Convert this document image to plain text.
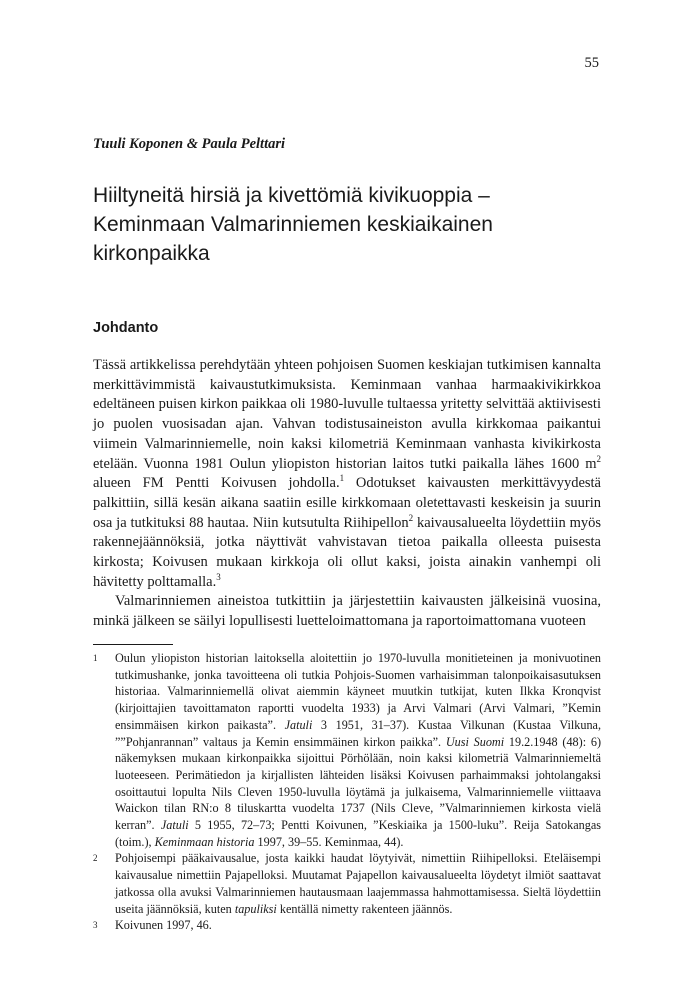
55
Tuuli Koponen & Paula Pelttari
Hiiltyneitä hirsiä ja kivettömiä kivikuoppia –
Keminmaan Valmarinniemen keskiaikainen
kirkonpaikka
Johdanto

Tässä artikkelissa perehdytään yhteen pohjoisen Suomen keskiajan tutkimisen kannalta merkittävimmistä kaivaustutkimuksista. Keminmaan vanhaa harmaakivikirkkoa edeltäneen puisen kirkon paikkaa oli 1980-luvulle tultaessa yritetty selvittää aktiivisesti jo puolen vuosisadan ajan. Vahvan todistusaineiston avulla kirkkomaa paikantui viimein Valmarinniemelle, noin kaksi kilometriä Keminmaan vanhasta kivikirkosta etelään. Vuonna 1981 Oulun yliopiston historian laitos tutki paikalla lähes 1600 $m^2$ alueen FM Pentti Koivusen johdolla.$^1$ Odotukset kaivausten merkittävyydestä palkittiin, sillä kesän aikana saatiin esille kirkkomaan oletettavasti keskeisin ja suurin osa ja tutkituksi 88 hautaa. Niin kutsutulta Riihipellon$^2$ kaivausalueelta löydettiin myös rakennejäännöksiä, jotka näyttivät vahvistavan tietoa paikalla olleesta puisesta kirkosta; Koivusen mukaan kirkkoja oli ollut kaksi, joista ainakin vanhempi oli hävitetty polttamalla.$^3$

Valmarinniemen aineistoa tutkittiin ja järjestettiin kaivausten jälkeisinä vuosina, minkä jälkeen se säilyi lopullisesti luetteloimattomana ja raportoimattomana vuoteen

1	Oulun yliopiston historian laitoksella aloitettiin jo 1970-luvulla monitieteinen ja monivuotinen tutkimushanke, jonka tavoitteena oli tutkia Pohjois-Suomen varhaisimman talonpoikaisasutuksen historiaa. Valmarinniemellä olivat aiemmin käyneet muutkin tutkijat, kuten Ilkka Kronqvist (kirjoittajien tavoittamaton raportti vuodelta 1933) ja Arvi Valmari (Arvi Valmari, ”Kemin ensimmäisen kirkon paikasta”. Jatuli 3 1951, 31–37). Kustaa Vilkunan (Kustaa Vilkuna, ””Pohjanrannan” valtaus ja Kemin ensimmäinen kirkon paikka”. Uusi Suomi 19.2.1948 (48): 6) näkemyksen mukaan kirkonpaikka sijoittui Pörhölään, noin kaksi kilometriä Valmarinniemeltä luoteeseen. Perimätiedon ja kirjallisten lähteiden lisäksi Koivusen parhaimmaksi johtolangaksi osoittautui lopulta Nils Cleven 1950-luvulla löytämä ja julkaisema, Valmarinniemelle viittaava Waickon tilan RN:o 8 tiluskartta vuodelta 1737 (Nils Cleve, ”Valmarinniemen kirkosta vielä kerran”. Jatuli 5 1955, 72–73; Pentti Koivunen, ”Keskiaika ja 1500-luku”. Reija Satokangas (toim.), Keminmaan historia 1997, 39–55. Keminmaa, 44).
2	Pohjoisempi pääkaivausalue, josta kaikki haudat löytyivät, nimettiin Riihipelloksi. Eteläisempi kaivausalue nimettiin Pajapelloksi. Muutamat Pajapellon kaivausalueelta löydetyt ilmiöt saattavat jatkossa olla avuksi Valmarinniemen hautausmaan laajemmassa hahmottamisessa. Sieltä löydettiin useita jäännöksiä, kuten tapuliksi kentällä nimetty rakenteen jäännös.
3	Koivunen 1997, 46.
